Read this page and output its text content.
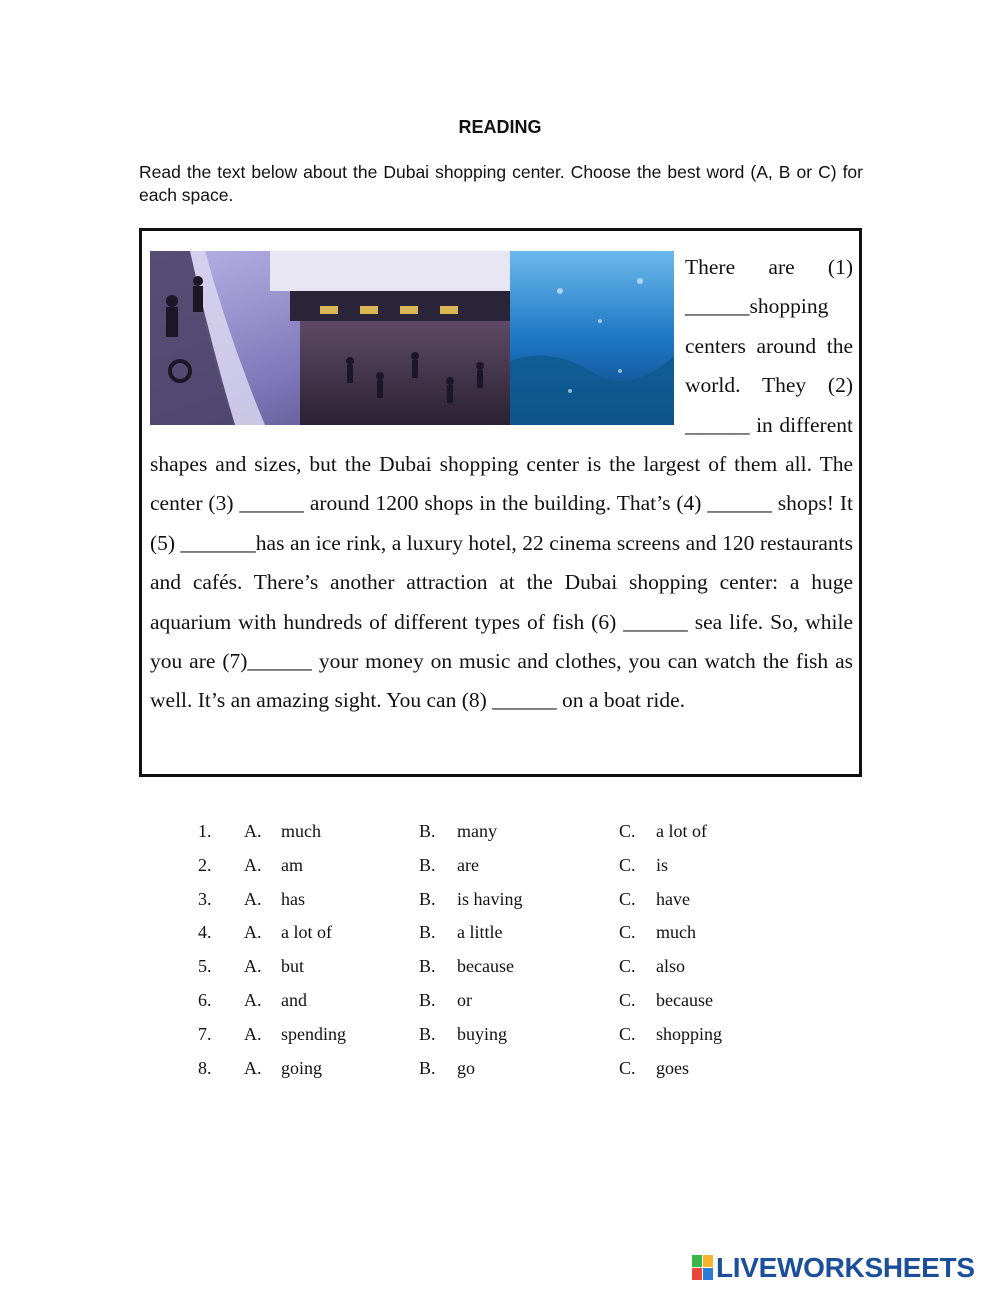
READING
Read the text below about the Dubai shopping center. Choose the best word (A, B or C) for each space.

There are (1) ______shopping centers around the world. They (2) ______ in different shapes and sizes, but the Dubai shopping center is the largest of them all. The center (3) ______ around 1200 shops in the building. That’s (4) ______ shops! It (5) _______has an ice rink, a luxury hotel, 22 cinema screens and 120 restaurants and cafés. There’s another attraction at the Dubai shopping center: a huge aquarium with hundreds of different types of fish (6) ______ sea life. So, while you are (7)______ your money on music and clothes, you can watch the fish as well. It’s an amazing sight. You can (8) ______ on a boat ride.

1. A. much	B. many	C. a lot of
2. A. am	B. are	C. is
3. A. has	B. is having	C. have
4. A. a lot of	B. a little	C. much
5. A. but	B. because	C. also
6. A. and	B. or	C. because
7. A. spending	B. buying	C. shopping
8. A. going	B. go	C. goes
LIVEWORKSHEETS
